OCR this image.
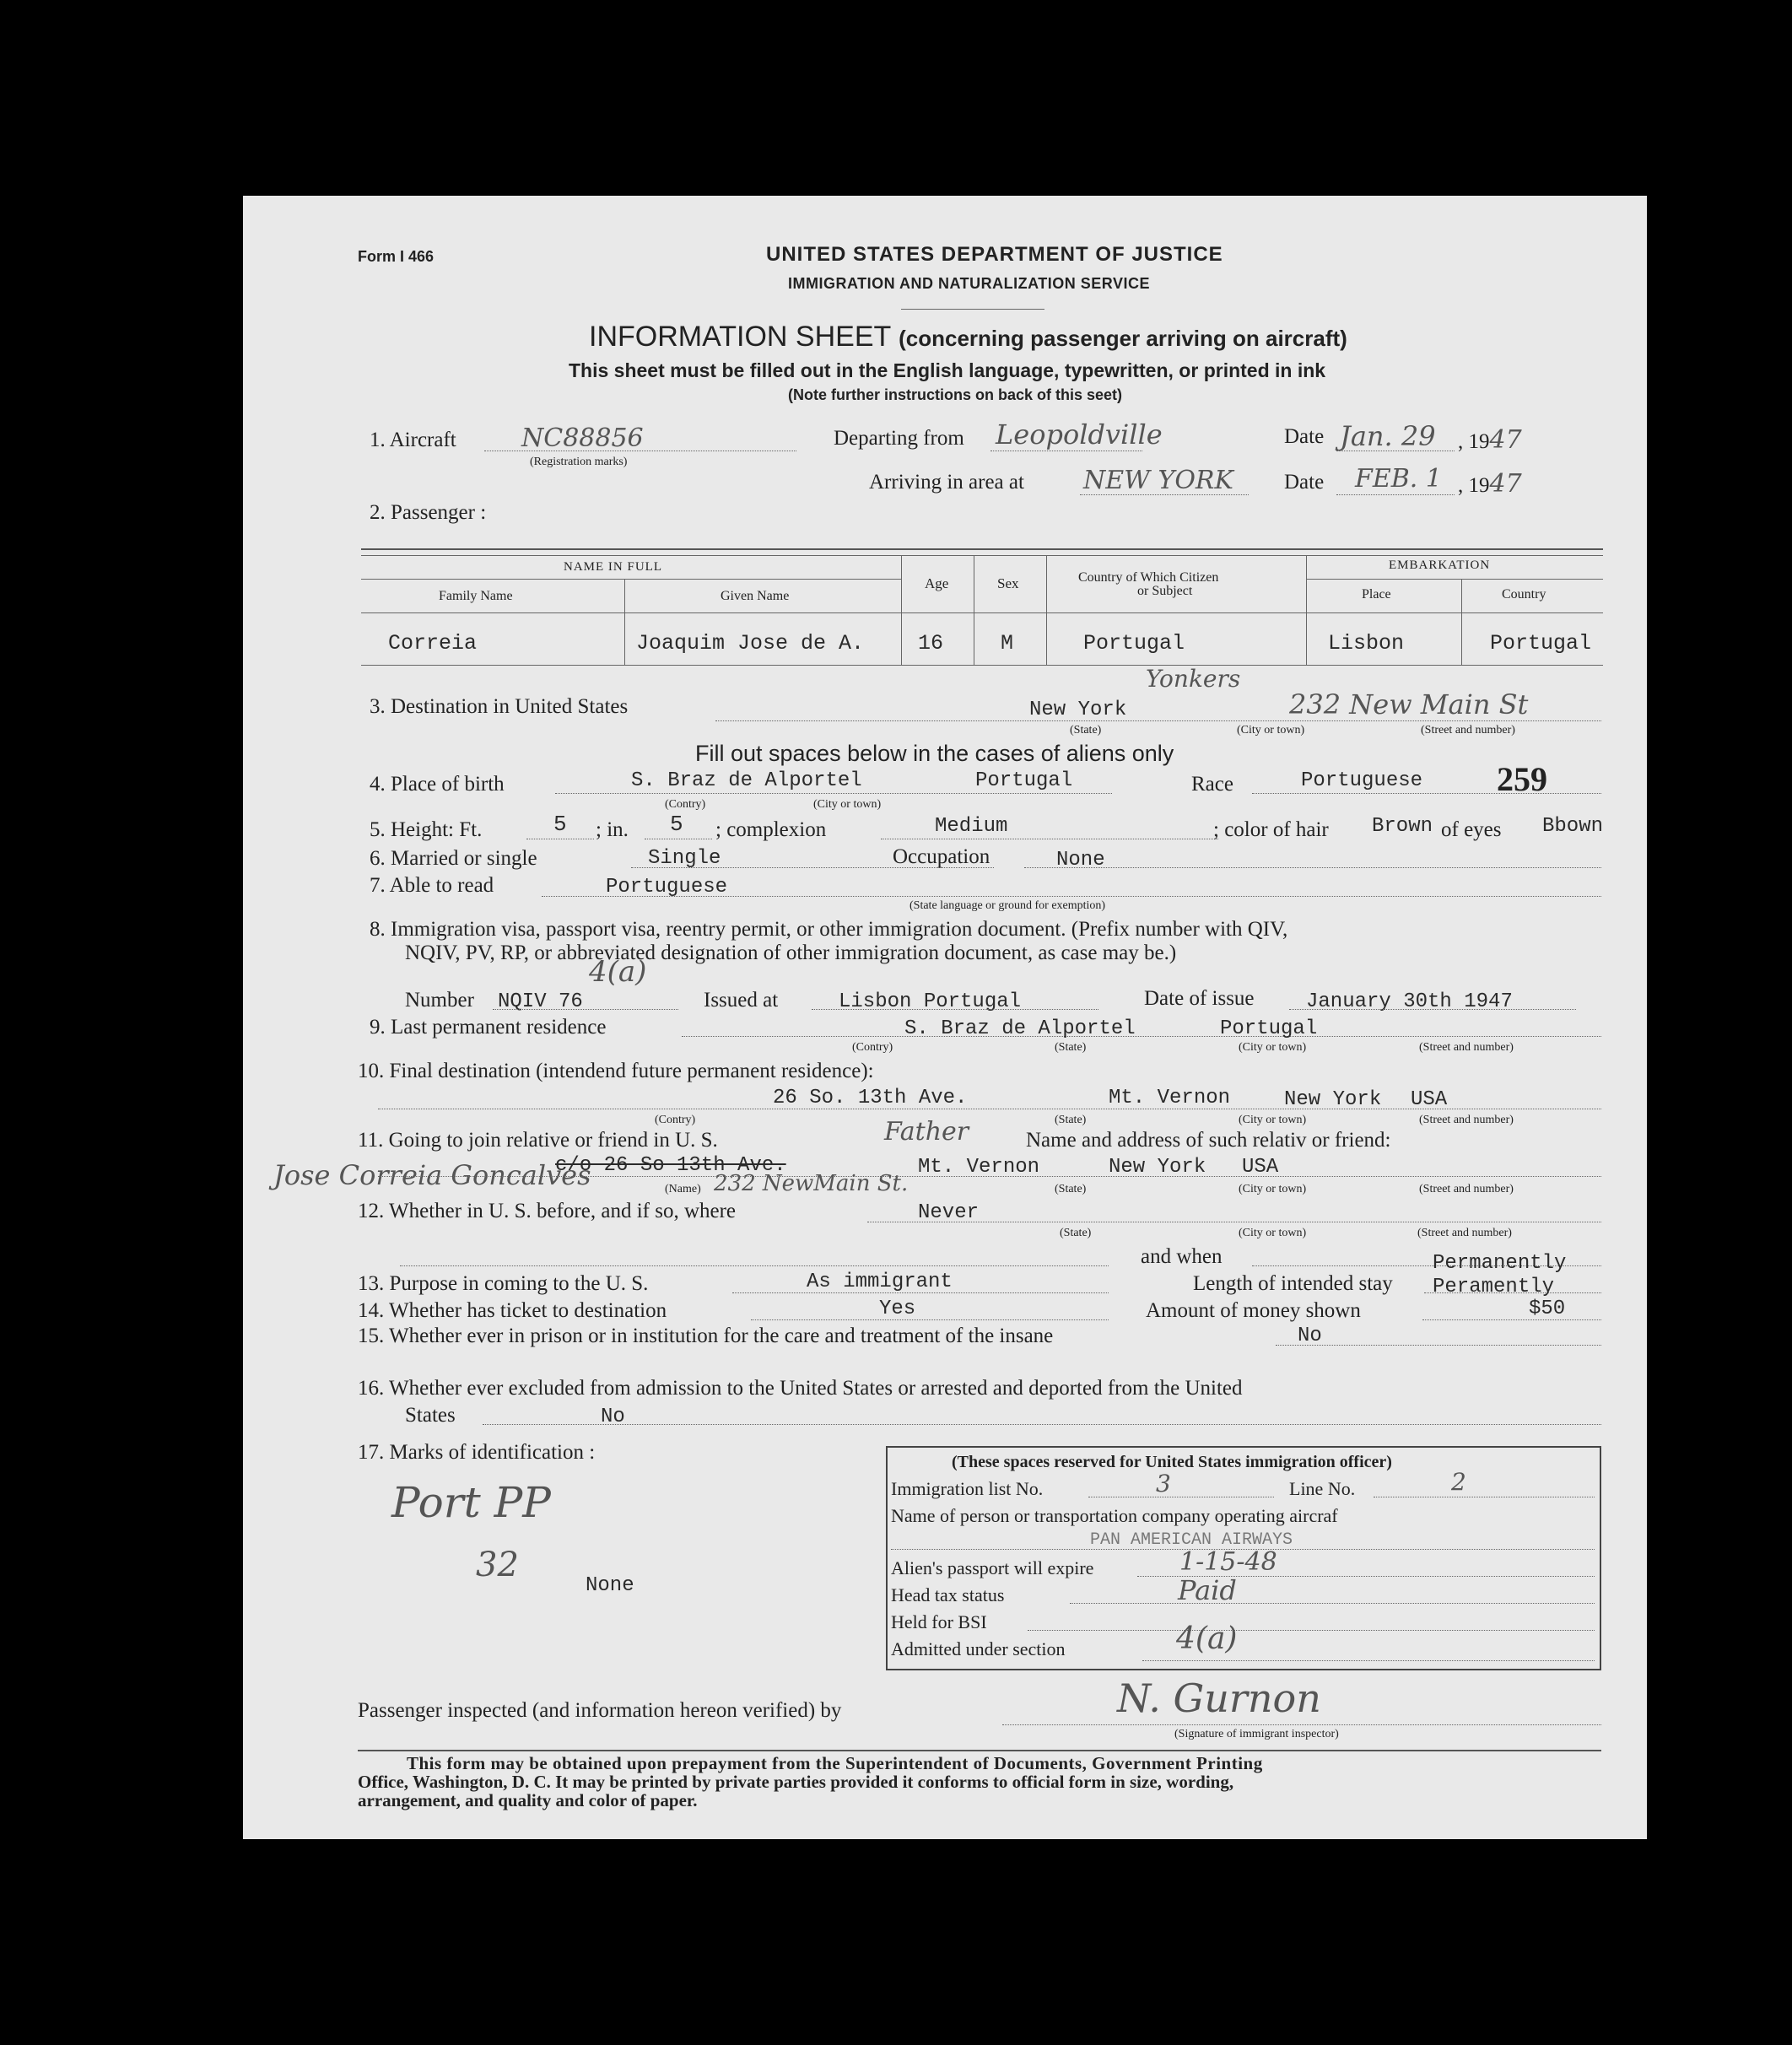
Form I 466	UNITED STATES DEPARTMENT OF JUSTICE
IMMIGRATION AND NATURALIZATION SERVICE
INFORMATION SHEET (concerning passenger arriving on aircraft)
This sheet must be filled out in the English language, typewritten, or printed in ink
(Note further instructions on back of this seet)
1. Aircraft	NC88856
(Registration marks)
Departing from Leopoldville	Date Jan. 29 , 1947
Arriving in area at NEW YORK Date FEB. 1 , 1947
2. Passenger :
NAME IN FULL
Family Name	Given Name
Age	Sex	Country of Which Citizen
or Subject
EMBARKATION
Place	Country
Correia	Joaquim Jose de A.	16	M	Portugal	Lisbon	Portugal
3. Destination in United States	New York
Yonkers
232 New Main St
(State)	(City or town)	(Street and number)
Fill out spaces below in the cases of aliens only
4. Place of birth	S. Braz de Alportel	Portugal
(Contry)	(City or town)
Race	Portuguese 259
5. Height: Ft.	5 ; in. 5 ; complexion	Medium	; color of hair Brown of eyes Bbown
6. Married or single	Single	Occupation	None
7. Able to read	Portuguese
(State language or ground for exemption)
8. Immigration visa, passport visa, reentry permit, or other immigration document. (Prefix number with QIV,
NQIV, PV, RP, or abbreviated designation of other immigration document, as case may be.)
Number NQIV 76
4(a)
Issued at	Lisbon Portugal	Date of issue	January 30th 1947
9. Last permanent residence	S. Braz de Alportel	Portugal
(Contry)	(State)	(City or town)	(Street and number)
10. Final destination (intendend future permanent residence):
26 So. 13th Ave.	Mt. Vernon	New York USA
(Contry)	(State)	(City or town)	(Street and number)
11. Going to join relative or friend in U. S.	Father	Name and address of such relativ or friend:
Jose Correia Goncalves
c/o 26 So 13th Ave.	Mt. Vernon	New York USA
(Name) 232 NewMain St.	(State)	(City or town)	(Street and number)
12. Whether in U. S. before, and if so, where	Never
(State)	(City or town)	(Street and number)
and when	Permanently
13. Purpose in coming to the U. S.	As immigrant	Length of intended stay Peramently
14. Whether has ticket to destination	Yes	Amount of money shown	$50
15. Whether ever in prison or in institution for the care and treatment of the insane	No
16. Whether ever excluded from admission to the United States or arrested and deported from the United
States	No
17. Marks of identification :
Port PP
32
None
(These spaces reserved for United States immigration officer)
Immigration list No.	3	Line No.	2
Name of person or transportation company operating aircraf
PAN AMERICAN AIRWAYS
Alien's passport will expire	1-15-48
Head tax status	Paid
Held for BSI
Admitted under section	4(a)
Passenger inspected (and information hereon verified) by	N. Gurnon
(Signature of immigrant inspector)
This form may be obtained upon prepayment from the Superintendent of Documents, Government Printing
Office, Washington, D. C. It may be printed by private parties provided it conforms to official form in size, wording,
arrangement, and quality and color of paper.
